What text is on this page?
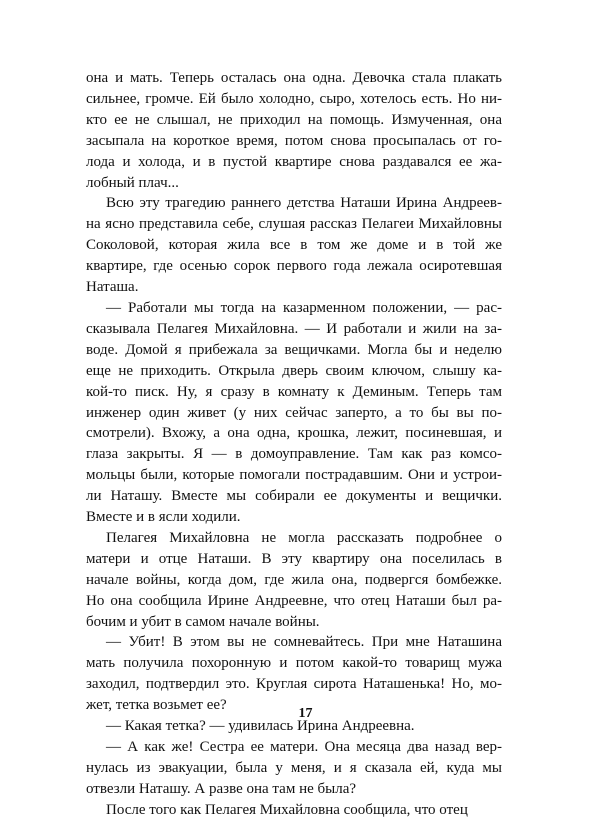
она и мать. Теперь осталась она одна. Девочка стала плакать
сильнее, громче. Ей было холодно, сыро, хотелось есть. Но ни-
кто ее не слышал, не приходил на помощь. Измученная, она
засыпала на короткое время, потом снова просыпалась от го-
лода и холода, и в пустой квартире снова раздавался ее жа-
лобный плач...

Всю эту трагедию раннего детства Наташи Ирина Андреев-
на ясно представила себе, слушая рассказ Пелагеи Михайловны
Соколовой, которая жила все в том же доме и в той же
квартире, где осенью сорок первого года лежала осиротевшая
Наташа.

— Работали мы тогда на казарменном положении, — рас-
сказывала Пелагея Михайловна. — И работали и жили на за-
воде. Домой я прибежала за вещичками. Могла бы и неделю
еще не приходить. Открыла дверь своим ключом, слышу ка-
кой-то писк. Ну, я сразу в комнату к Деминым. Теперь там
инженер один живет (у них сейчас заперто, а то бы вы по-
смотрели). Вхожу, а она одна, крошка, лежит, посиневшая, и
глаза закрыты. Я — в домоуправление. Там как раз комсо-
мольцы были, которые помогали пострадавшим. Они и устрои-
ли Наташу. Вместе мы собирали ее документы и вещички.
Вместе и в ясли ходили.

Пелагея Михайловна не могла рассказать подробнее о
матери и отце Наташи. В эту квартиру она поселилась в
начале войны, когда дом, где жила она, подвергся бомбежке.
Но она сообщила Ирине Андреевне, что отец Наташи был ра-
бочим и убит в самом начале войны.

— Убит! В этом вы не сомневайтесь. При мне Наташина
мать получила похоронную и потом какой-то товарищ мужа
заходил, подтвердил это. Круглая сирота Наташенька! Но, мо-
жет, тетка возьмет ее?

— Какая тетка? — удивилась Ирина Андреевна.

— А как же! Сестра ее матери. Она месяца два назад вер-
нулась из эвакуации, была у меня, и я сказала ей, куда мы
отвезли Наташу. А разве она там не была?

После того как Пелагея Михайловна сообщила, что отец

17
